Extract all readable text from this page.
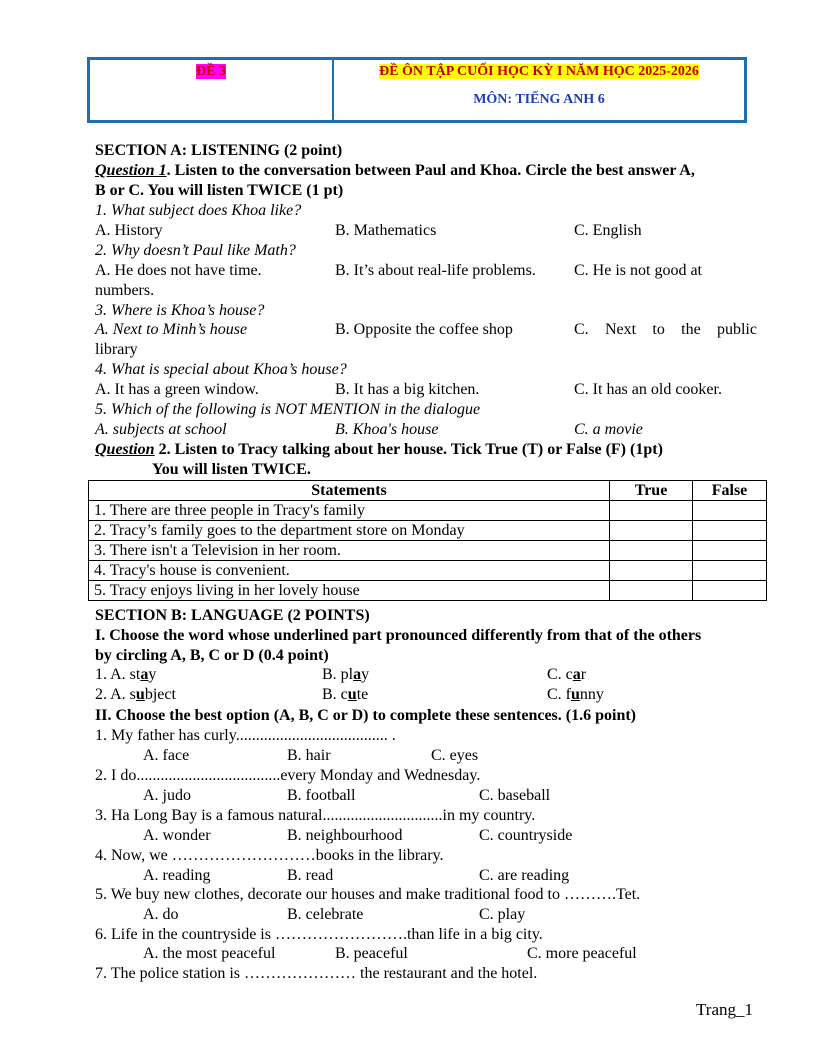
ĐỀ 3	ĐỀ ÔN TẬP CUỐI HỌC KỲ I NĂM HỌC 2025-2026
MÔN: TIẾNG ANH 6
SECTION A: LISTENING (2 point)
Question 1. Listen to the conversation between Paul and Khoa. Circle the best answer A,
B or C. You will listen TWICE (1 pt)
1. What subject does Khoa like?
A. History	B. Mathematics	C. English
2. Why doesn’t Paul like Math?
A. He does not have time.	B. It’s about real-life problems. C. He is not good at
numbers.
3. Where is Khoa’s house?
A. Next to Minh’s house	B. Opposite the coffee shop	C. Next to the public
library
4. What is special about Khoa’s house?
A. It has a green window.	B. It has a big kitchen.	C. It has an old cooker.
5. Which of the following is NOT MENTION in the dialogue
A. subjects at school	B. Khoa's house	C. a movie
Question 2. Listen to Tracy talking about her house. Tick True (T) or False (F) (1pt)
You will listen TWICE.
Statements	True	False
1. There are three people in Tracy's family		
2. Tracy’s family goes to the department store on Monday		
3. There isn't a Television in her room.		
4. Tracy's house is convenient.		
5. Tracy enjoys living in her lovely house		
SECTION B: LANGUAGE (2 POINTS)
I. Choose the word whose underlined part pronounced differently from that of the others
by circling A, B, C or D (0.4 point)
1. A. stay	B. play	C. car
2. A. subject	B. cute	C. funny
II. Choose the best option (A, B, C or D) to complete these sentences. (1.6 point)
1. My father has curly...................................... .
A. face	B. hair	C. eyes
2. I do....................................every Monday and Wednesday.
A. judo	B. football	C. baseball
3. Ha Long Bay is a famous natural..............................in my country.
A. wonder	B. neighbourhood	C. countryside
4. Now, we ………………………books in the library.
A. reading	B. read	C. are reading
5. We buy new clothes, decorate our houses and make traditional food to ……….Tet.
A. do	B. celebrate	C. play
6. Life in the countryside is …………………….than life in a big city.
A. the most peaceful	B. peaceful	C. more peaceful
7. The police station is ………………… the restaurant and the hotel.
Trang_1
